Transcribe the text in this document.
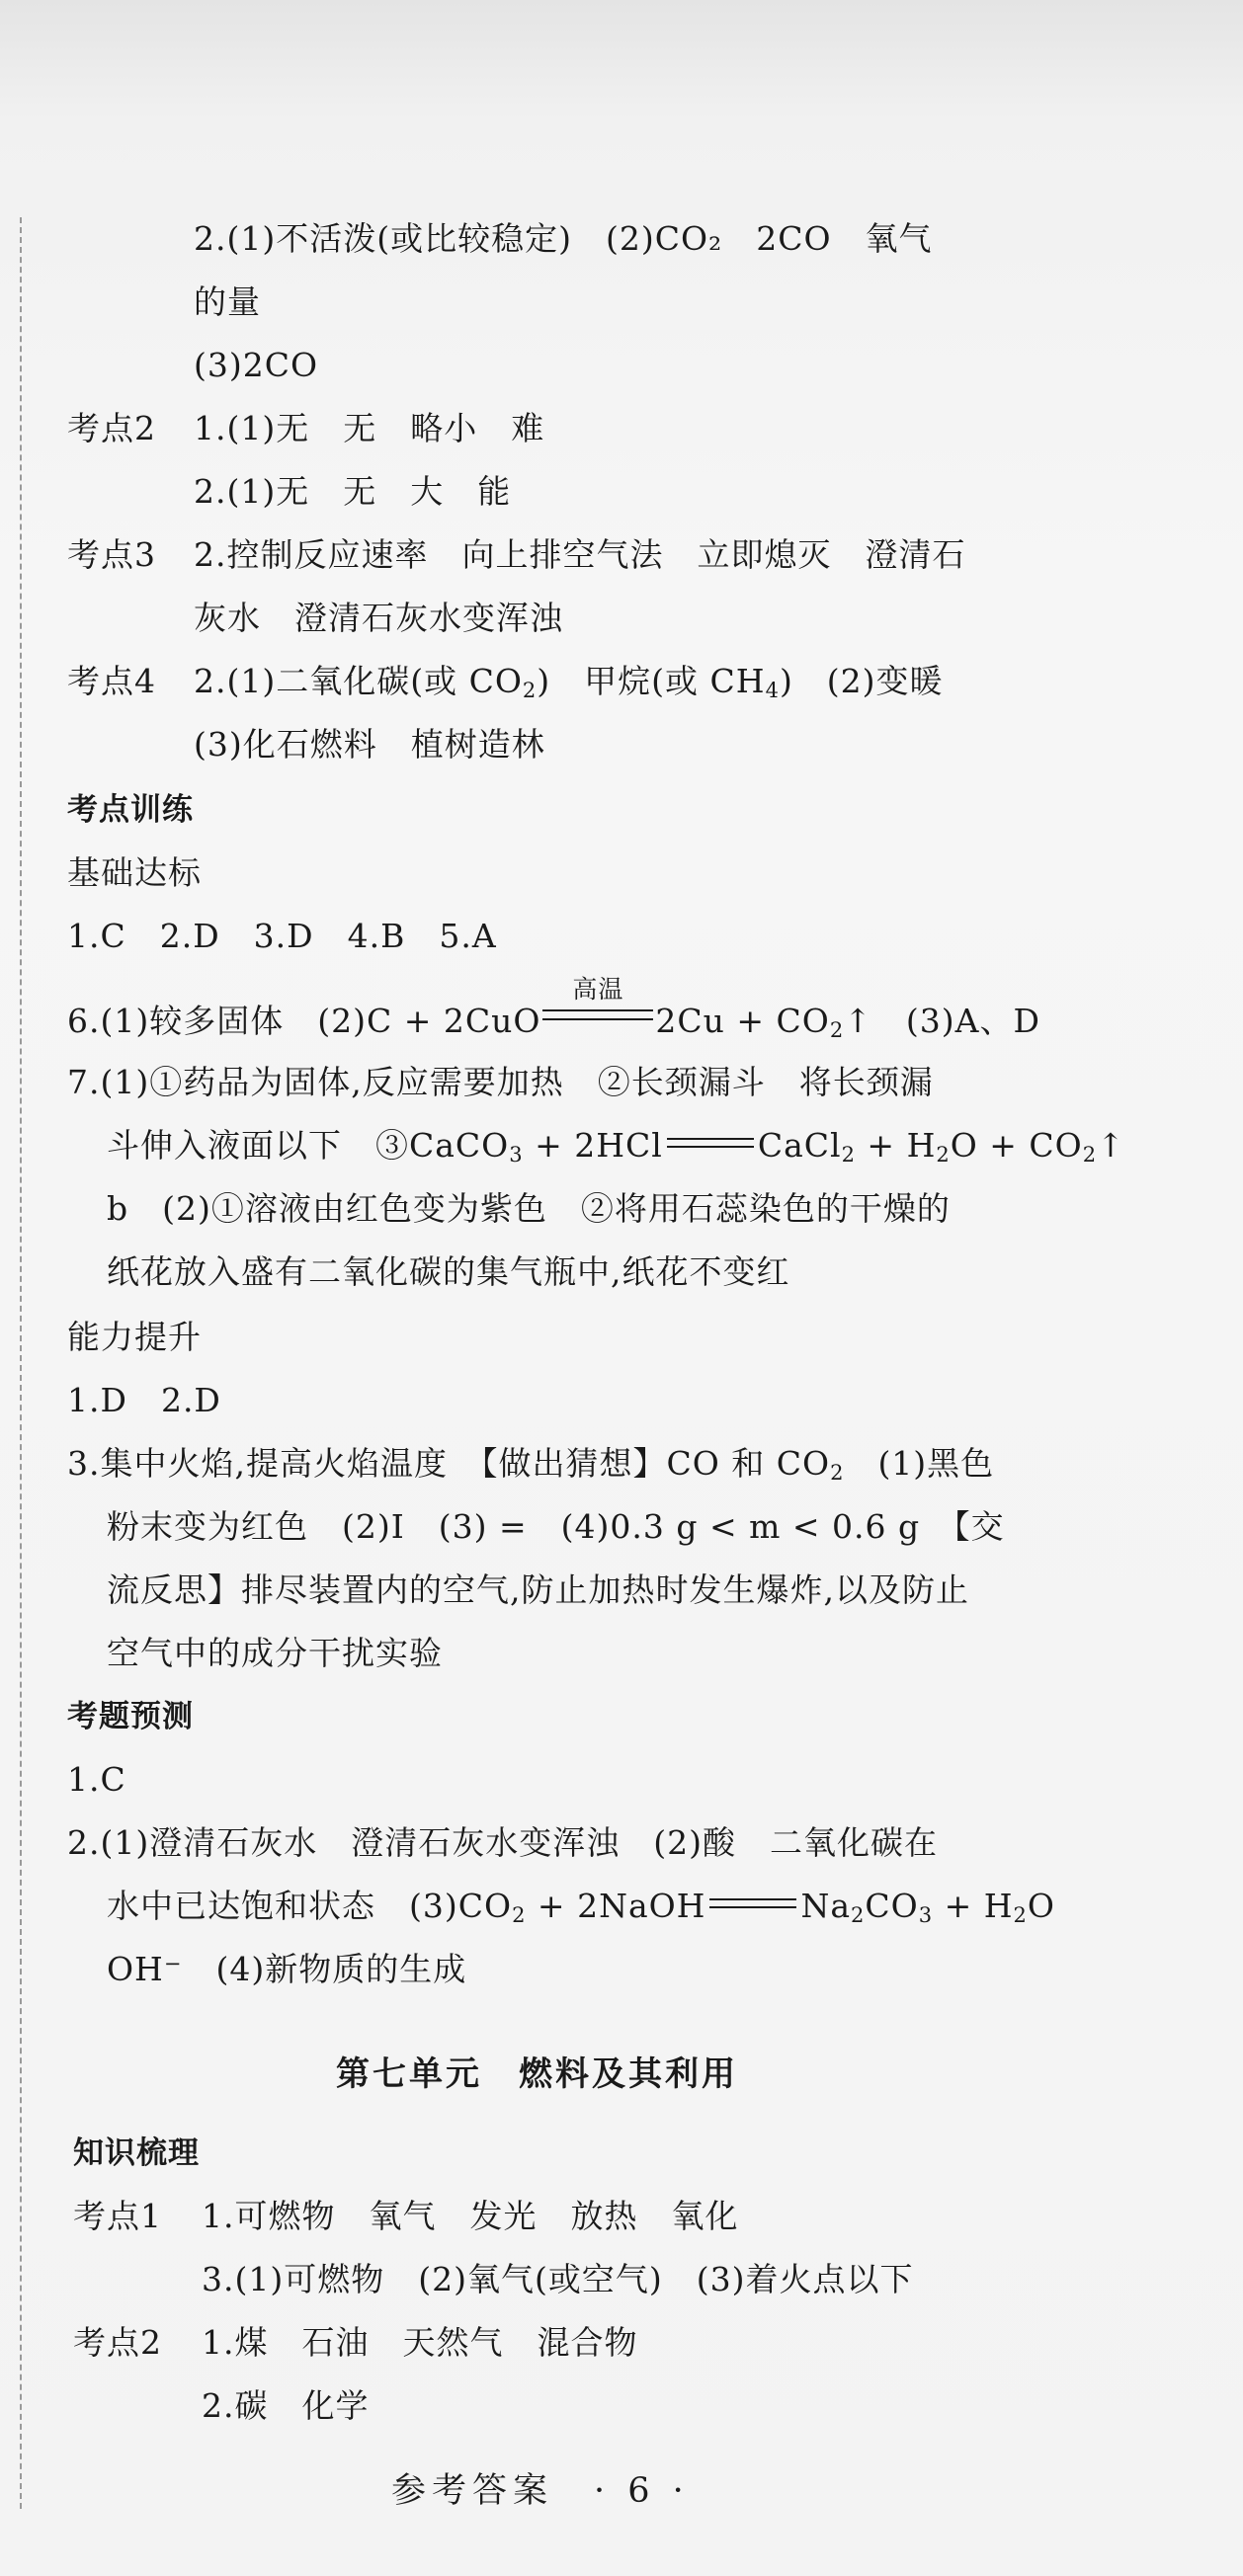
2.(1)不活泼(或比较稳定)　(2)CO₂　2CO　氧气
的量
(3)2CO
考点2 1.(1)无　无　略小　难
2.(1)无　无　大　能
考点3 2.控制反应速率　向上排空气法　立即熄灭　澄清石
灰水　澄清石灰水变浑浊
考点4 2.(1)二氧化碳(或 $CO_2$)　甲烷(或 $CH_4$)　(2)变暖
(3)化石燃料　植树造林
考点训练
基础达标
1.C　2.D　3.D　4.B　5.A
6.(1)较多固体　(2)C + 2CuO
高温
$2Cu + CO_2↑$　(3)A、D
7.(1)①药品为固体,反应需要加热　②长颈漏斗　将长颈漏
斗伸入液面以下　③CaCO$_3$ + 2HCl	CaCl$_2$ + $H_2O$ + $CO_2↑$
b　(2)①溶液由红色变为紫色　②将用石蕊染色的干燥的
纸花放入盛有二氧化碳的集气瓶中,纸花不变红
能力提升
1.D　2.D
3.集中火焰,提高火焰温度　【做出猜想】CO 和 $CO_2$　(1)黑色
粉末变为红色　(2)Ⅰ　(3) =　(4)0.3 g < m < 0.6 g　【交
流反思】排尽装置内的空气,防止加热时发生爆炸,以及防止
空气中的成分干扰实验
考题预测
1.C
2.(1)澄清石灰水　澄清石灰水变浑浊　(2)酸　二氧化碳在
水中已达饱和状态　$(3)CO_2$ + 2NaOH	$Na_2CO_3 + H_2O$
OH−　(4)新物质的生成
第七单元　燃料及其利用
知识梳理
考点1 1.可燃物　氧气　发光　放热　氧化
3.(1)可燃物　(2)氧气(或空气)　(3)着火点以下
考点2 1.煤　石油　天然气　混合物
2.碳　化学
参考答案　· 6 ·
